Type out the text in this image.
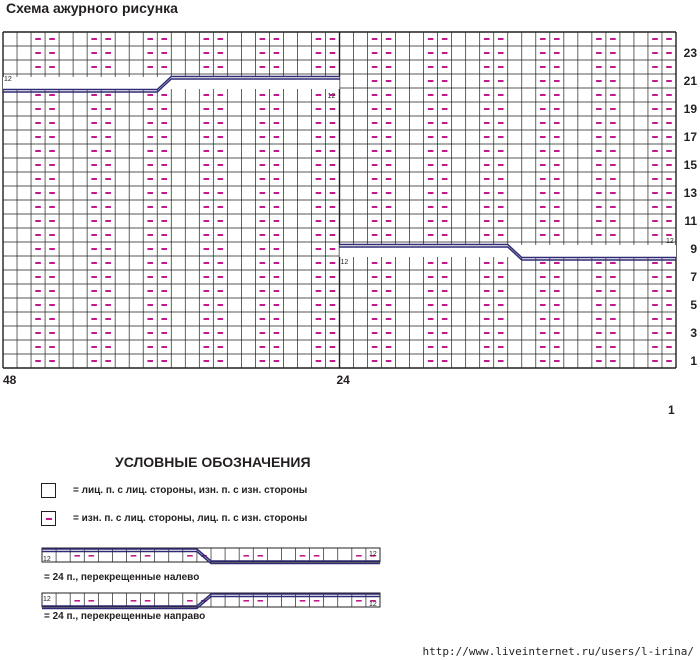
Схема ажурного рисунка
12
12
12
12
1
3
5
7
9
11
13
15
17
19
21
23
48	24
1
УСЛОВНЫЕ ОБОЗНАЧЕНИЯ
= лиц. п. с лиц. стороны, изн. п. с изн. стороны
= изн. п. с лиц. стороны, лиц. п. с изн. стороны
12
12
= 24 п., перекрещенные налево
12
12
= 24 п., перекрещенные направо
http://www.liveinternet.ru/users/l-irina/
